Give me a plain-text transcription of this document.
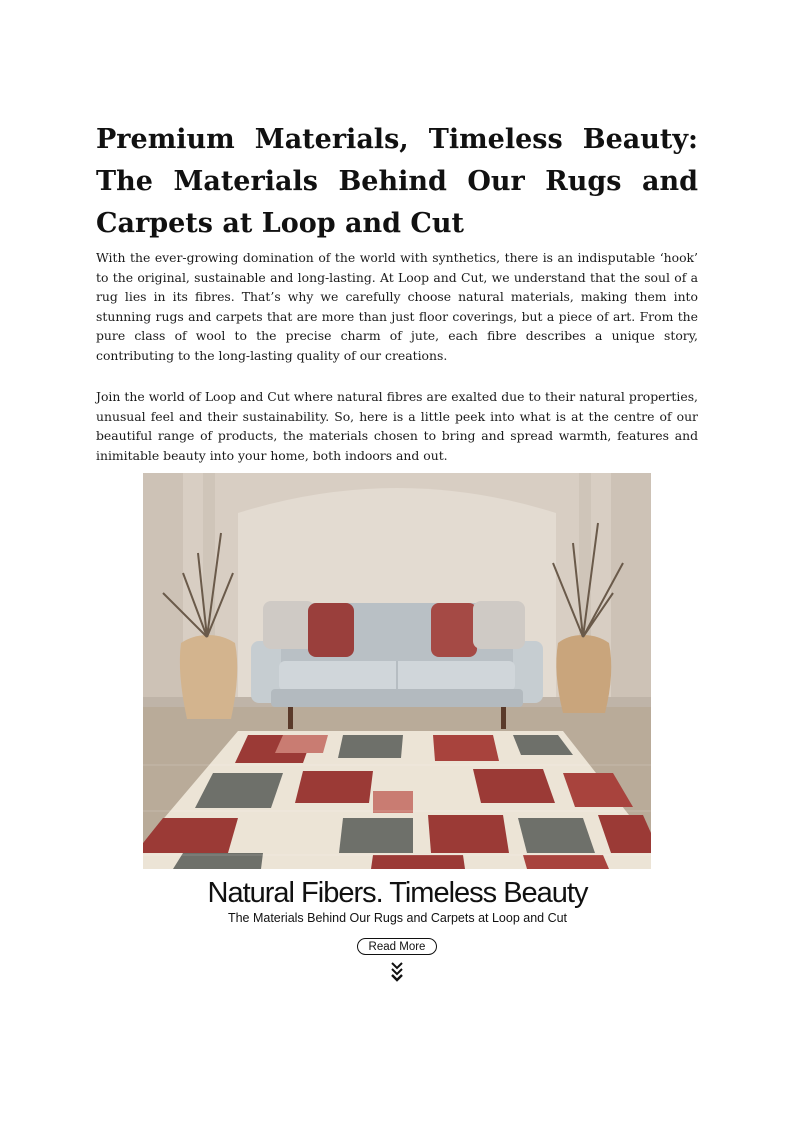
Premium Materials, Timeless Beauty: The Materials Behind Our Rugs and Carpets at Loop and Cut

With the ever-growing domination of the world with synthetics, there is an indisputable ‘hook’ to the original, sustainable and long-lasting. At Loop and Cut, we understand that the soul of a rug lies in its fibres. That’s why we carefully choose natural materials, making them into stunning rugs and carpets that are more than just floor coverings, but a piece of art. From the pure class of wool to the precise charm of jute, each fibre describes a unique story, contributing to the long-lasting quality of our creations.

Join the world of Loop and Cut where natural fibres are exalted due to their natural properties, unusual feel and their sustainability. So, here is a little peek into what is at the centre of our beautiful range of products, the materials chosen to bring and spread warmth, features and inimitable beauty into your home, both indoors and out.

Natural Fibers. Timeless Beauty

The Materials Behind Our Rugs and Carpets at Loop and Cut

Read More
